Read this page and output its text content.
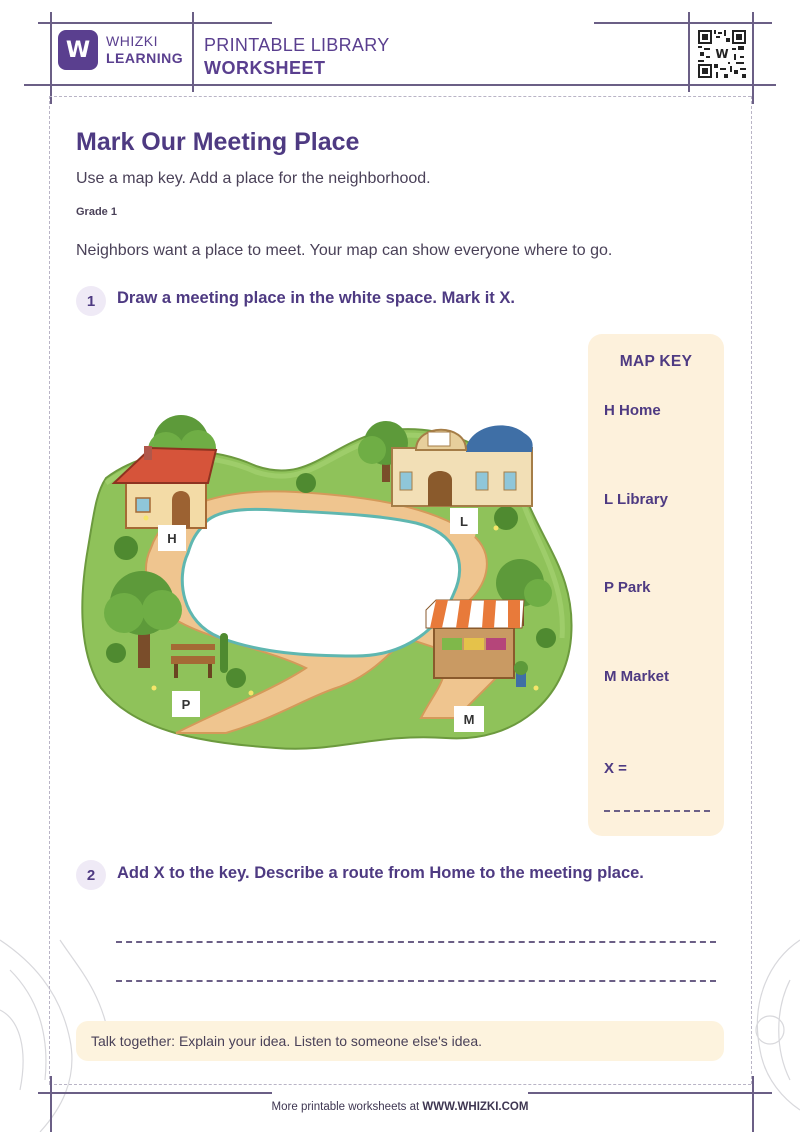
W WHIZKI
LEARNING
PRINTABLE LIBRARY
WORKSHEET
W
Mark Our Meeting Place
Use a map key. Add a place for the neighborhood.
Grade 1
Neighbors want a place to meet. Your map can show everyone where to go.
1	Draw a meeting place in the white space. Mark it X.
H
L
P
M
MAP KEY
H Home
L Library
P Park
M Market
X =
2	Add X to the key. Describe a route from Home to the meeting place.
Talk together: Explain your idea. Listen to someone else's idea.
More printable worksheets at WWW.WHIZKI.COM
